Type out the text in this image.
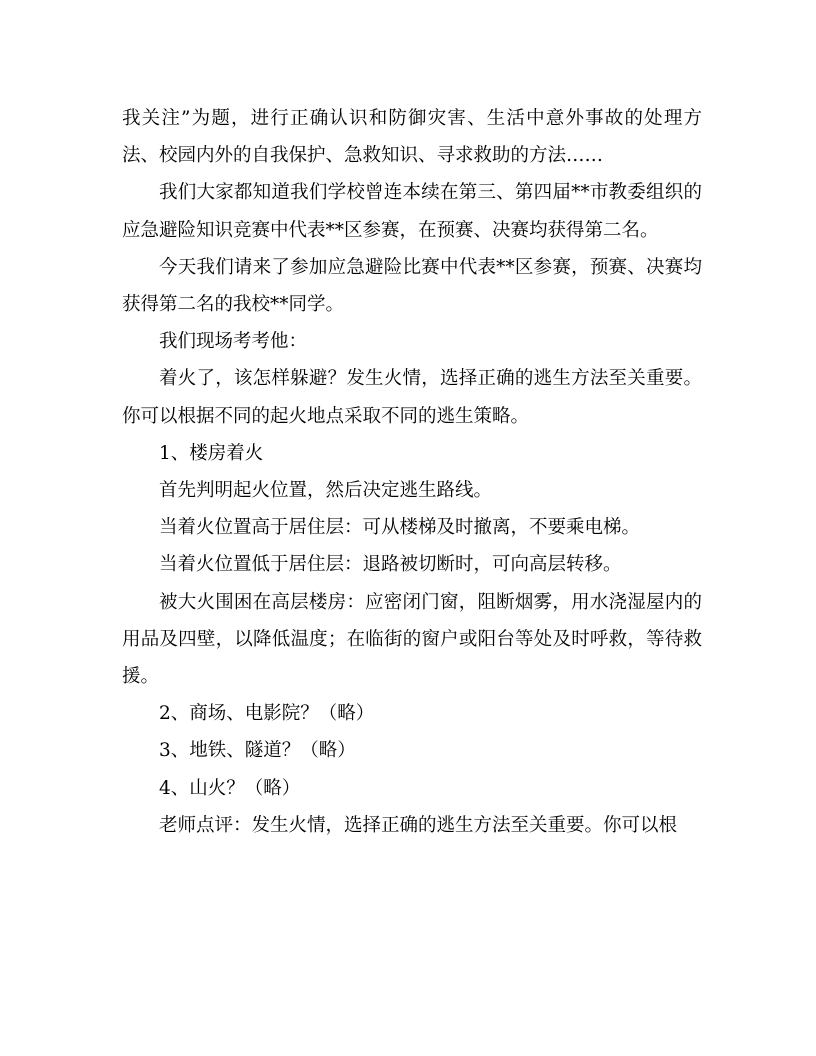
我关注”为题，进行正确认识和防御灾害、生活中意外事故的处理方法、校园内外的自我保护、急救知识、寻求救助的方法……

我们大家都知道我们学校曾连本续在第三、第四届**市教委组织的应急避险知识竞赛中代表**区参赛，在预赛、决赛均获得第二名。

今天我们请来了参加应急避险比赛中代表**区参赛，预赛、决赛均获得第二名的我校**同学。

我们现场考考他：

着火了，该怎样躲避？发生火情，选择正确的逃生方法至关重要。你可以根据不同的起火地点采取不同的逃生策略。

1、楼房着火

首先判明起火位置，然后决定逃生路线。

当着火位置高于居住层：可从楼梯及时撤离，不要乘电梯。

当着火位置低于居住层：退路被切断时，可向高层转移。

被大火围困在高层楼房：应密闭门窗，阻断烟雾，用水浇湿屋内的用品及四壁，以降低温度；在临街的窗户或阳台等处及时呼救，等待救援。

2、商场、电影院？（略）

3、地铁、隧道？（略）

4、山火？（略）

老师点评：发生火情，选择正确的逃生方法至关重要。你可以根
